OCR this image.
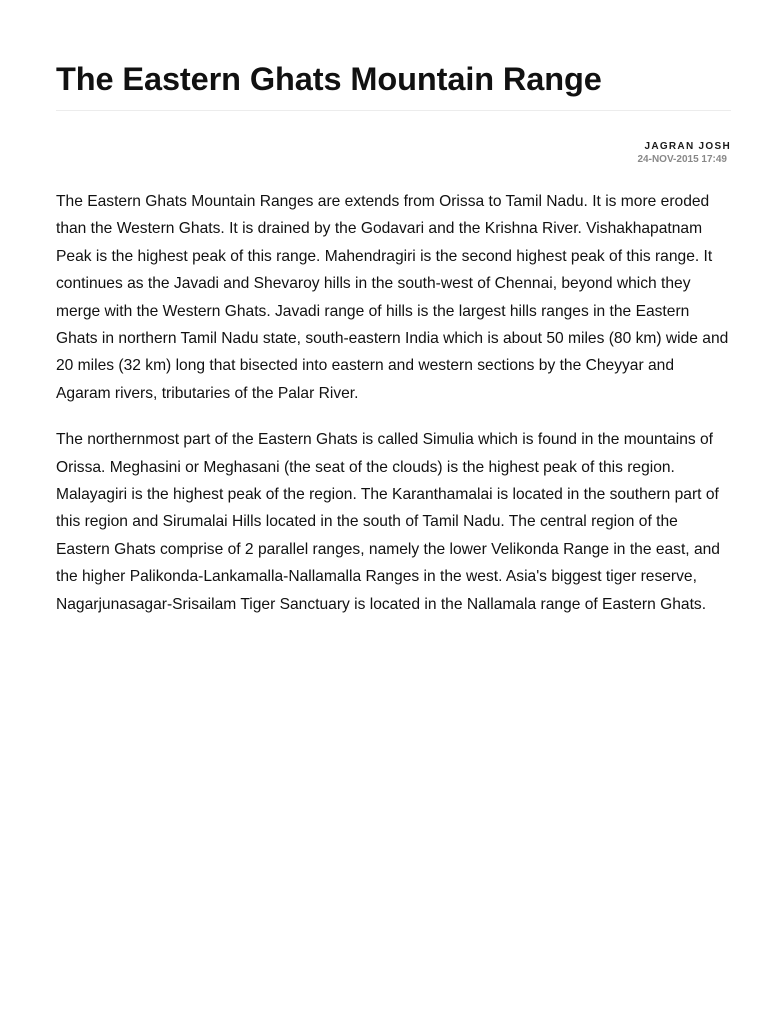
The Eastern Ghats Mountain Range
JAGRAN JOSH
24-NOV-2015 17:49

The Eastern Ghats Mountain Ranges are extends from Orissa to Tamil Nadu. It is more eroded than the Western Ghats. It is drained by the Godavari and the Krishna River. Vishakhapatnam Peak is the highest peak of this range. Mahendragiri is the second highest peak of this range. It continues as the Javadi and Shevaroy hills in the south-west of Chennai, beyond which they merge with the Western Ghats. Javadi range of hills is the largest hills ranges in the Eastern Ghats in northern Tamil Nadu state, south-eastern India which is about 50 miles (80 km) wide and 20 miles (32 km) long that bisected into eastern and western sections by the Cheyyar and Agaram rivers, tributaries of the Palar River.

The northernmost part of the Eastern Ghats is called Simulia which is found in the mountains of Orissa. Meghasini or Meghasani (the seat of the clouds) is the highest peak of this region. Malayagiri is the highest peak of the region. The Karanthamalai is located in the southern part of this region and Sirumalai Hills located in the south of Tamil Nadu. The central region of the Eastern Ghats comprise of 2 parallel ranges, namely the lower Velikonda Range in the east, and the higher Palikonda-Lankamalla-Nallamalla Ranges in the west. Asia's biggest tiger reserve, Nagarjunasagar-Srisailam Tiger Sanctuary is located in the Nallamala range of Eastern Ghats.
